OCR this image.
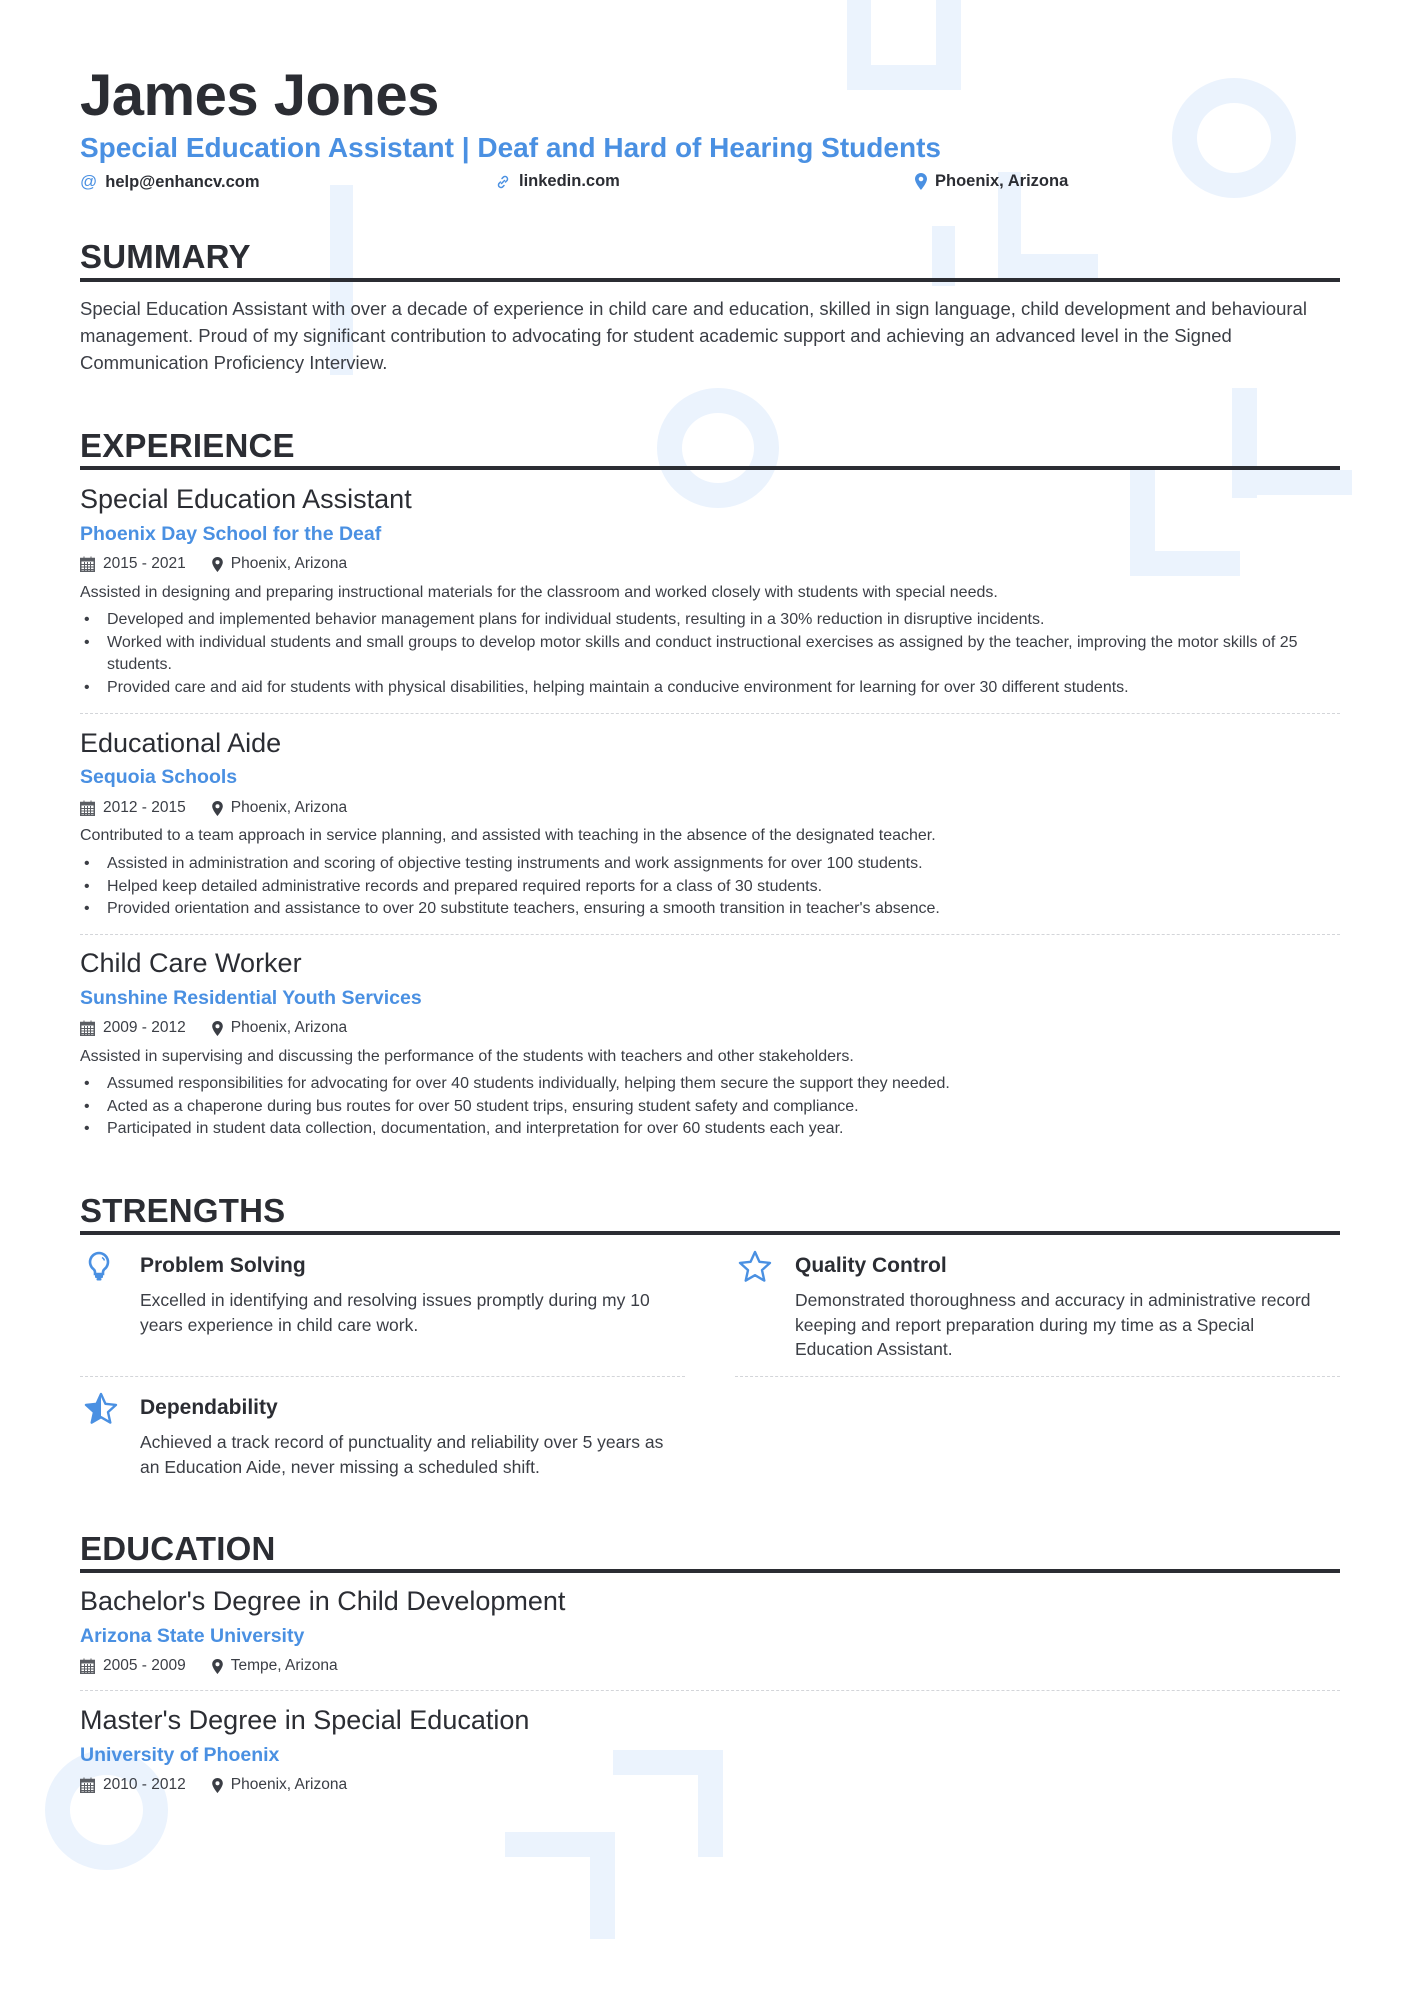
James Jones
Special Education Assistant | Deaf and Hard of Hearing Students
@ help@enhancv.com	linkedin.com	Phoenix, Arizona
SUMMARY
Special Education Assistant with over a decade of experience in child care and education, skilled in sign language, child development and behavioural management. Proud of my significant contribution to advocating for student academic support and achieving an advanced level in the Signed Communication Proficiency Interview.
EXPERIENCE
Special Education Assistant
Phoenix Day School for the Deaf
2015 - 2021	Phoenix, Arizona
Assisted in designing and preparing instructional materials for the classroom and worked closely with students with special needs.
• Developed and implemented behavior management plans for individual students, resulting in a 30% reduction in disruptive incidents.
• Worked with individual students and small groups to develop motor skills and conduct instructional exercises as assigned by the teacher, improving the motor skills of 25 students.
• Provided care and aid for students with physical disabilities, helping maintain a conducive environment for learning for over 30 different students.
Educational Aide
Sequoia Schools
2012 - 2015	Phoenix, Arizona
Contributed to a team approach in service planning, and assisted with teaching in the absence of the designated teacher.
• Assisted in administration and scoring of objective testing instruments and work assignments for over 100 students.
• Helped keep detailed administrative records and prepared required reports for a class of 30 students.
• Provided orientation and assistance to over 20 substitute teachers, ensuring a smooth transition in teacher's absence.
Child Care Worker
Sunshine Residential Youth Services
2009 - 2012	Phoenix, Arizona
Assisted in supervising and discussing the performance of the students with teachers and other stakeholders.
• Assumed responsibilities for advocating for over 40 students individually, helping them secure the support they needed.
• Acted as a chaperone during bus routes for over 50 student trips, ensuring student safety and compliance.
• Participated in student data collection, documentation, and interpretation for over 60 students each year.
STRENGTHS
Problem Solving
Excelled in identifying and resolving issues promptly during my 10 years experience in child care work.
Quality Control
Demonstrated thoroughness and accuracy in administrative record keeping and report preparation during my time as a Special Education Assistant.
Dependability
Achieved a track record of punctuality and reliability over 5 years as an Education Aide, never missing a scheduled shift.
EDUCATION
Bachelor's Degree in Child Development
Arizona State University
2005 - 2009	Tempe, Arizona
Master's Degree in Special Education
University of Phoenix
2010 - 2012	Phoenix, Arizona
